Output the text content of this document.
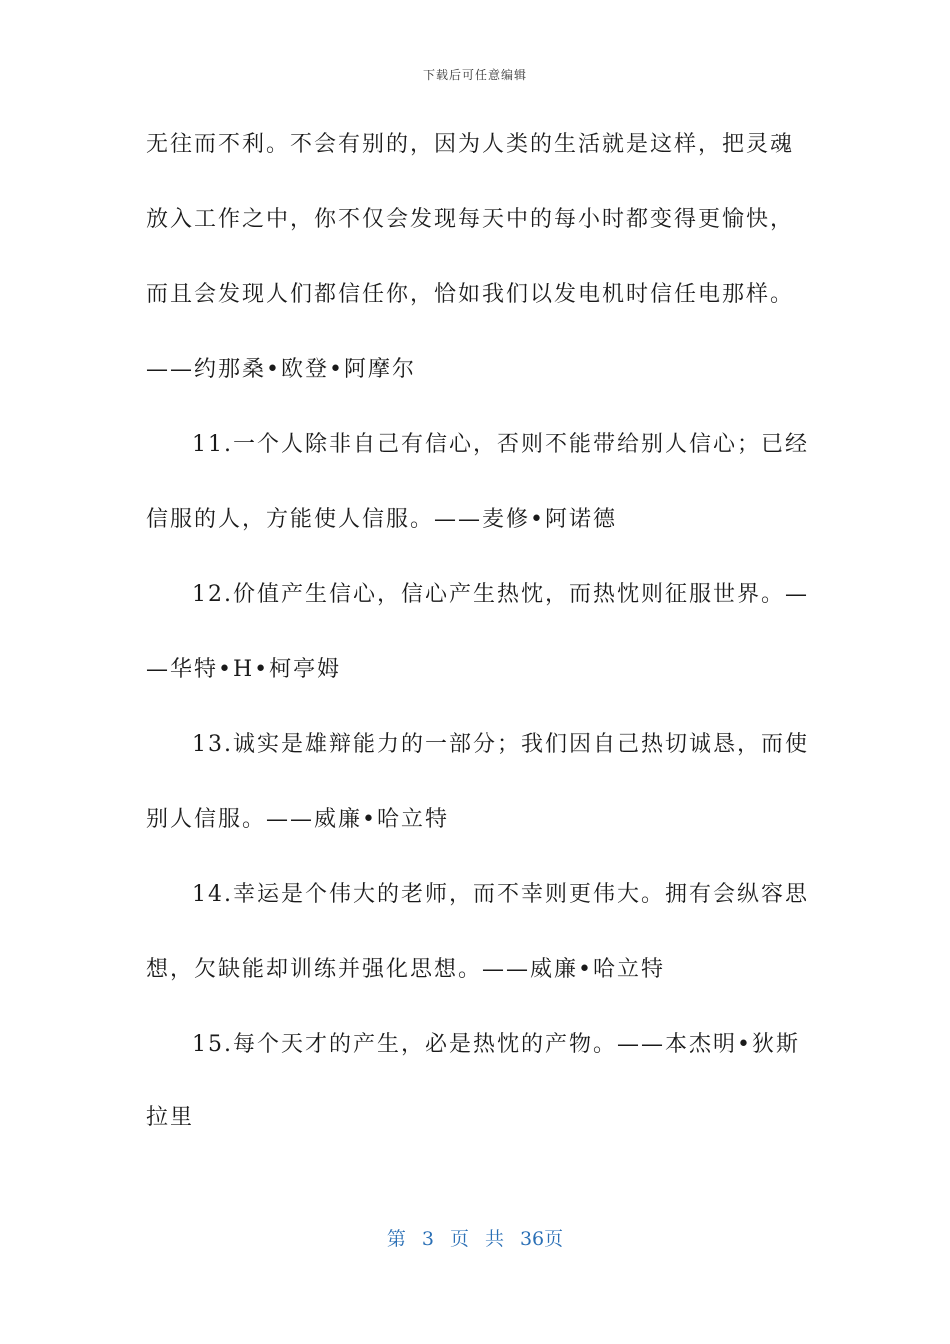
下载后可任意编辑
无往而不利。不会有别的，因为人类的生活就是这样，把灵魂
放入工作之中，你不仅会发现每天中的每小时都变得更愉快，
而且会发现人们都信任你，恰如我们以发电机时信任电那样。
——约那桑•欧登•阿摩尔
11.一个人除非自己有信心，否则不能带给别人信心；已经
信服的人，方能使人信服。——麦修•阿诺德
12.价值产生信心，信心产生热忱，而热忱则征服世界。—
—华特•H•柯亭姆
13.诚实是雄辩能力的一部分；我们因自己热切诚恳，而使
别人信服。——威廉•哈立特
14.幸运是个伟大的老师，而不幸则更伟大。拥有会纵容思
想，欠缺能却训练并强化思想。——威廉•哈立特
15.每个天才的产生，必是热忱的产物。——本杰明•狄斯
拉里
第 3 页 共 36页
